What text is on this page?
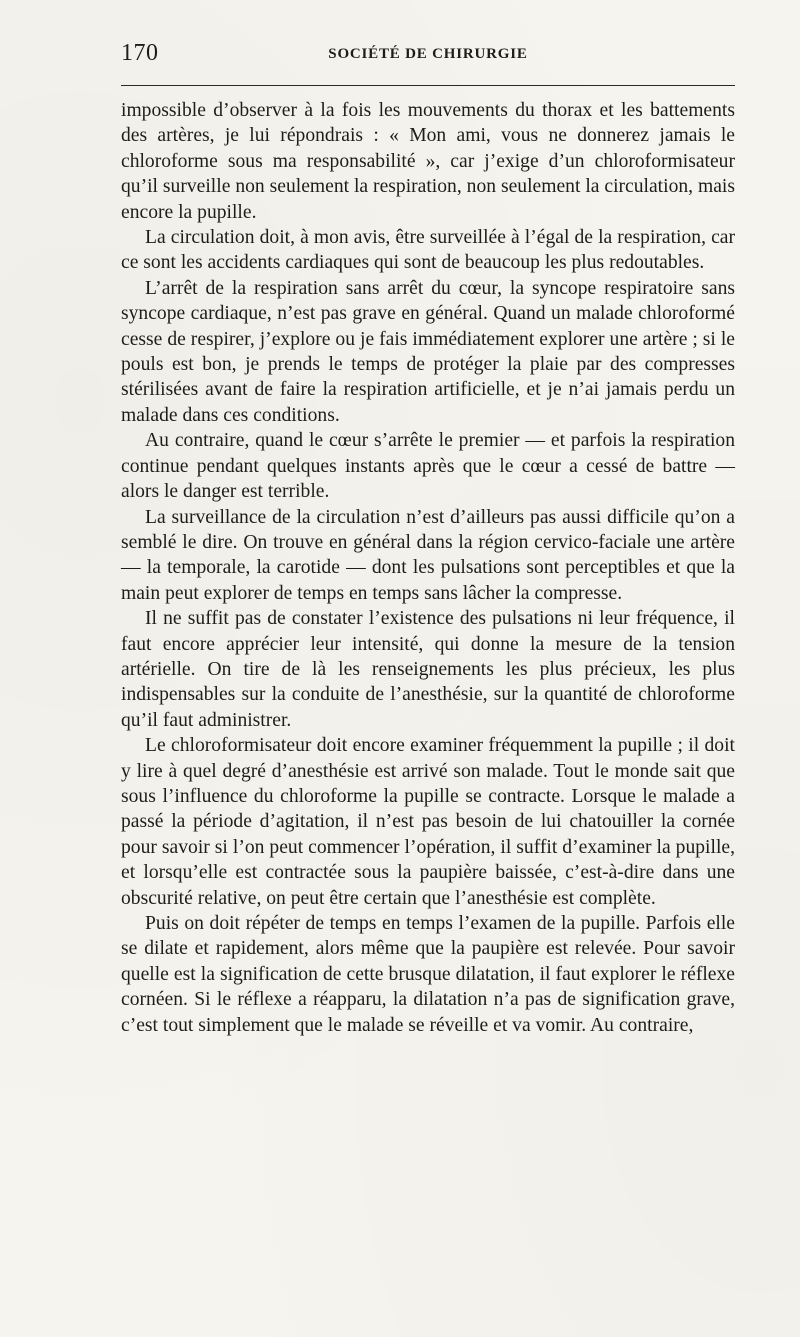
170	SOCIÉTÉ DE CHIRURGIE

impossible d’observer à la fois les mouvements du thorax et les battements des artères, je lui répondrais : « Mon ami, vous ne donnerez jamais le chloroforme sous ma responsabilité », car j’exige d’un chloroformisateur qu’il surveille non seulement la respiration, non seulement la circulation, mais encore la pupille.

La circulation doit, à mon avis, être surveillée à l’égal de la respiration, car ce sont les accidents cardiaques qui sont de beaucoup les plus redoutables.

L’arrêt de la respiration sans arrêt du cœur, la syncope respiratoire sans syncope cardiaque, n’est pas grave en général. Quand un malade chloroformé cesse de respirer, j’explore ou je fais immédiatement explorer une artère ; si le pouls est bon, je prends le temps de protéger la plaie par des compresses stérilisées avant de faire la respiration artificielle, et je n’ai jamais perdu un malade dans ces conditions.

Au contraire, quand le cœur s’arrête le premier — et parfois la respiration continue pendant quelques instants après que le cœur a cessé de battre — alors le danger est terrible.

La surveillance de la circulation n’est d’ailleurs pas aussi difficile qu’on a semblé le dire. On trouve en général dans la région cervico-faciale une artère — la temporale, la carotide — dont les pulsations sont perceptibles et que la main peut explorer de temps en temps sans lâcher la compresse.

Il ne suffit pas de constater l’existence des pulsations ni leur fréquence, il faut encore apprécier leur intensité, qui donne la mesure de la tension artérielle. On tire de là les renseignements les plus précieux, les plus indispensables sur la conduite de l’anesthésie, sur la quantité de chloroforme qu’il faut administrer.

Le chloroformisateur doit encore examiner fréquemment la pupille ; il doit y lire à quel degré d’anesthésie est arrivé son malade. Tout le monde sait que sous l’influence du chloroforme la pupille se contracte. Lorsque le malade a passé la période d’agitation, il n’est pas besoin de lui chatouiller la cornée pour savoir si l’on peut commencer l’opération, il suffit d’examiner la pupille, et lorsqu’elle est contractée sous la paupière baissée, c’est-à-dire dans une obscurité relative, on peut être certain que l’anesthésie est complète.

Puis on doit répéter de temps en temps l’examen de la pupille. Parfois elle se dilate et rapidement, alors même que la paupière est relevée. Pour savoir quelle est la signification de cette brusque dilatation, il faut explorer le réflexe cornéen. Si le réflexe a réapparu, la dilatation n’a pas de signification grave, c’est tout simplement que le malade se réveille et va vomir. Au contraire,
